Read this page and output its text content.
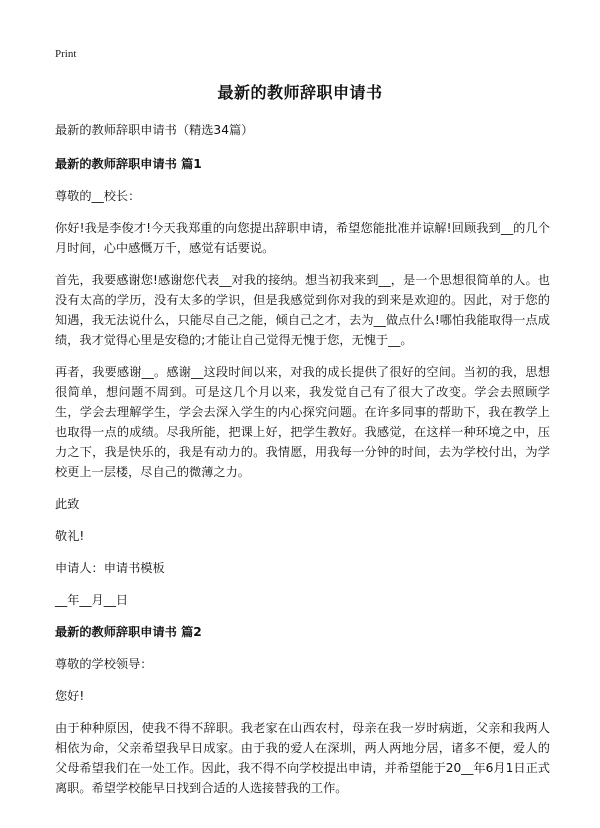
Print
最新的教师辞职申请书

最新的教师辞职申请书（精选34篇）

最新的教师辞职申请书 篇1

尊敬的__校长：

你好!我是李俊才!今天我郑重的向您提出辞职申请，希望您能批准并谅解!回顾我到__的几个月时间，心中感慨万千，感觉有话要说。

首先，我要感谢您!感谢您代表__对我的接纳。想当初我来到__，是一个思想很简单的人。也没有太高的学历，没有太多的学识，但是我感觉到你对我的到来是欢迎的。因此，对于您的知遇，我无法说什么，只能尽自己之能，倾自己之才，去为__做点什么!哪怕我能取得一点成绩，我才觉得心里是安稳的;才能让自己觉得无愧于您，无愧于__。

再者，我要感谢__。感谢__这段时间以来，对我的成长提供了很好的空间。当初的我，思想很简单，想问题不周到。可是这几个月以来，我发觉自己有了很大了改变。学会去照顾学生，学会去理解学生，学会去深入学生的内心探究问题。在许多同事的帮助下，我在教学上也取得一点的成绩。尽我所能，把课上好，把学生教好。我感觉，在这样一种环境之中，压力之下，我是快乐的，我是有动力的。我情愿，用我每一分钟的时间，去为学校付出，为学校更上一层楼，尽自己的微薄之力。

此致

敬礼!

申请人：申请书模板

__年__月__日

最新的教师辞职申请书 篇2

尊敬的学校领导：

您好!

由于种种原因，使我不得不辞职。我老家在山西农村，母亲在我一岁时病逝，父亲和我两人相依为命，父亲希望我早日成家。由于我的爱人在深圳，两人两地分居，诸多不便，爱人的父母希望我们在一处工作。因此，我不得不向学校提出申请，并希望能于20__年6月1日正式离职。希望学校能早日找到合适的人选接替我的工作。
